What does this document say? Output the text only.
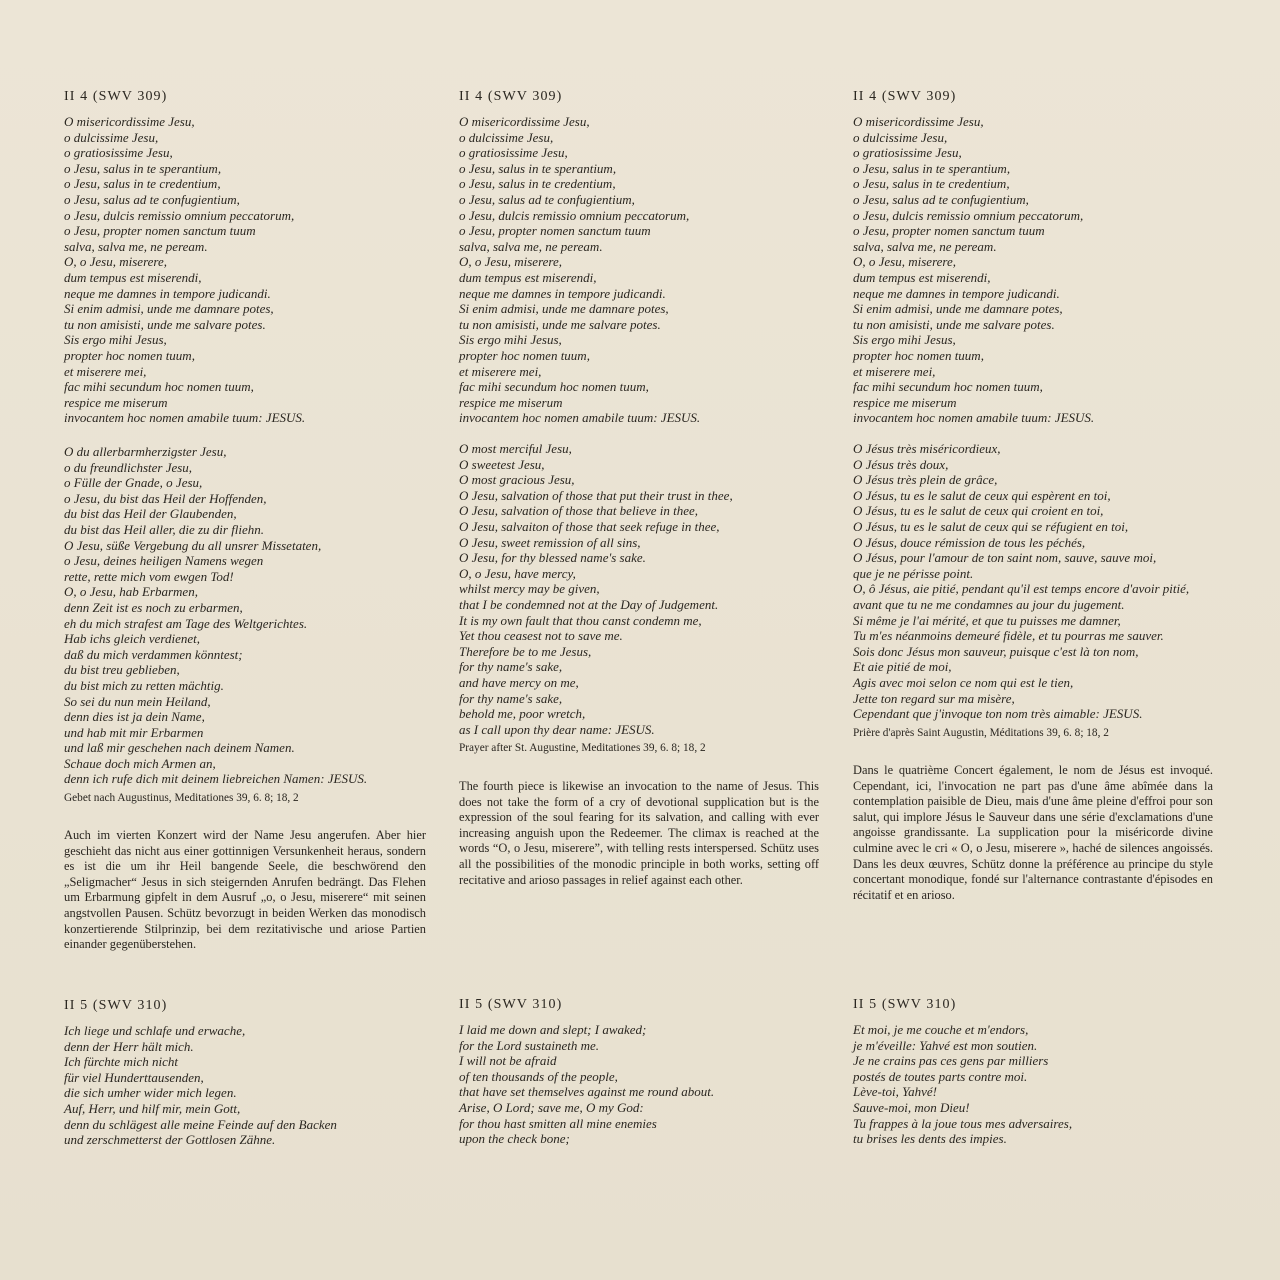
II 4 (SWV 309)
O misericordissime Jesu,
o dulcissime Jesu,
o gratiosissime Jesu,
o Jesu, salus in te sperantium,
o Jesu, salus in te credentium,
o Jesu, salus ad te confugientium,
o Jesu, dulcis remissio omnium peccatorum,
o Jesu, propter nomen sanctum tuum
salva, salva me, ne peream.
O, o Jesu, miserere,
dum tempus est miserendi,
neque me damnes in tempore judicandi.
Si enim admisi, unde me damnare potes,
tu non amisisti, unde me salvare potes.
Sis ergo mihi Jesus,
propter hoc nomen tuum,
et miserere mei,
fac mihi secundum hoc nomen tuum,
respice me miserum
invocantem hoc nomen amabile tuum: JESUS.
O du allerbarmherzigster Jesu,
o du freundlichster Jesu,
o Fülle der Gnade, o Jesu,
o Jesu, du bist das Heil der Hoffenden,
du bist das Heil der Glaubenden,
du bist das Heil aller, die zu dir fliehn.
O Jesu, süße Vergebung du all unsrer Missetaten,
o Jesu, deines heiligen Namens wegen
rette, rette mich vom ewgen Tod!
O, o Jesu, hab Erbarmen,
denn Zeit ist es noch zu erbarmen,
eh du mich strafest am Tage des Weltgerichtes.
Hab ichs gleich verdienet,
daß du mich verdammen könntest;
du bist treu geblieben,
du bist mich zu retten mächtig.
So sei du nun mein Heiland,
denn dies ist ja dein Name,
und hab mit mir Erbarmen
und laß mir geschehen nach deinem Namen.
Schaue doch mich Armen an,
denn ich rufe dich mit deinem liebreichen Namen: JESUS.
Gebet nach Augustinus, Meditationes 39, 6. 8; 18, 2

Auch im vierten Konzert wird der Name Jesu angerufen. Aber hier geschieht das nicht aus einer gottinnigen Versunkenheit heraus, sondern es ist die um ihr Heil bangende Seele, die beschwörend den „Seligmacher“ Jesus in sich steigernden Anrufen bedrängt. Das Flehen um Erbarmung gipfelt in dem Ausruf „o, o Jesu, miserere“ mit seinen angstvollen Pausen. Schütz bevorzugt in beiden Werken das monodisch konzertierende Stilprinzip, bei dem rezitativische und ariose Partien einander gegenüberstehen.

II 5 (SWV 310)
Ich liege und schlafe und erwache,
denn der Herr hält mich.
Ich fürchte mich nicht
für viel Hunderttausenden,
die sich umher wider mich legen.
Auf, Herr, und hilf mir, mein Gott,
denn du schlägest alle meine Feinde auf den Backen
und zerschmetterst der Gottlosen Zähne.
II 4 (SWV 309)
O misericordissime Jesu,
o dulcissime Jesu,
o gratiosissime Jesu,
o Jesu, salus in te sperantium,
o Jesu, salus in te credentium,
o Jesu, salus ad te confugientium,
o Jesu, dulcis remissio omnium peccatorum,
o Jesu, propter nomen sanctum tuum
salva, salva me, ne peream.
O, o Jesu, miserere,
dum tempus est miserendi,
neque me damnes in tempore judicandi.
Si enim admisi, unde me damnare potes,
tu non amisisti, unde me salvare potes.
Sis ergo mihi Jesus,
propter hoc nomen tuum,
et miserere mei,
fac mihi secundum hoc nomen tuum,
respice me miserum
invocantem hoc nomen amabile tuum: JESUS.
O most merciful Jesu,
O sweetest Jesu,
O most gracious Jesu,
O Jesu, salvation of those that put their trust in thee,
O Jesu, salvation of those that believe in thee,
O Jesu, salvaiton of those that seek refuge in thee,
O Jesu, sweet remission of all sins,
O Jesu, for thy blessed name's sake.
O, o Jesu, have mercy,
whilst mercy may be given,
that I be condemned not at the Day of Judgement.
It is my own fault that thou canst condemn me,
Yet thou ceasest not to save me.
Therefore be to me Jesus,
for thy name's sake,
and have mercy on me,
for thy name's sake,
behold me, poor wretch,
as I call upon thy dear name: JESUS.
Prayer after St. Augustine, Meditationes 39, 6. 8; 18, 2

The fourth piece is likewise an invocation to the name of Jesus. This does not take the form of a cry of devotional supplication but is the expression of the soul fearing for its salvation, and calling with ever increasing anguish upon the Redeemer. The climax is reached at the words “O, o Jesu, miserere”, with telling rests interspersed. Schütz uses all the possibilities of the monodic principle in both works, setting off recitative and arioso passages in relief against each other.

II 5 (SWV 310)
I laid me down and slept; I awaked;
for the Lord sustaineth me.
I will not be afraid
of ten thousands of the people,
that have set themselves against me round about.
Arise, O Lord; save me, O my God:
for thou hast smitten all mine enemies
upon the check bone;
II 4 (SWV 309)
O misericordissime Jesu,
o dulcissime Jesu,
o gratiosissime Jesu,
o Jesu, salus in te sperantium,
o Jesu, salus in te credentium,
o Jesu, salus ad te confugientium,
o Jesu, dulcis remissio omnium peccatorum,
o Jesu, propter nomen sanctum tuum
salva, salva me, ne peream.
O, o Jesu, miserere,
dum tempus est miserendi,
neque me damnes in tempore judicandi.
Si enim admisi, unde me damnare potes,
tu non amisisti, unde me salvare potes.
Sis ergo mihi Jesus,
propter hoc nomen tuum,
et miserere mei,
fac mihi secundum hoc nomen tuum,
respice me miserum
invocantem hoc nomen amabile tuum: JESUS.
O Jésus très miséricordieux,
O Jésus très doux,
O Jésus très plein de grâce,
O Jésus, tu es le salut de ceux qui espèrent en toi,
O Jésus, tu es le salut de ceux qui croient en toi,
O Jésus, tu es le salut de ceux qui se réfugient en toi,
O Jésus, douce rémission de tous les péchés,
O Jésus, pour l'amour de ton saint nom, sauve, sauve moi,
que je ne périsse point.
O, ô Jésus, aie pitié, pendant qu'il est temps encore d'avoir pitié,
avant que tu ne me condamnes au jour du jugement.
Si même je l'ai mérité, et que tu puisses me damner,
Tu m'es néanmoins demeuré fidèle, et tu pourras me sauver.
Sois donc Jésus mon sauveur, puisque c'est là ton nom,
Et aie pitié de moi,
Agis avec moi selon ce nom qui est le tien,
Jette ton regard sur ma misère,
Cependant que j'invoque ton nom très aimable: JESUS.
Prière d'après Saint Augustin, Méditations 39, 6. 8; 18, 2

Dans le quatrième Concert également, le nom de Jésus est invoqué. Cependant, ici, l'invocation ne part pas d'une âme abîmée dans la contemplation paisible de Dieu, mais d'une âme pleine d'effroi pour son salut, qui implore Jésus le Sauveur dans une série d'exclamations d'une angoisse grandissante. La supplication pour la miséricorde divine culmine avec le cri « O, o Jesu, miserere », haché de silences angoissés. Dans les deux œuvres, Schütz donne la préférence au principe du style concertant monodique, fondé sur l'alternance contrastante d'épisodes en récitatif et en arioso.

II 5 (SWV 310)
Et moi, je me couche et m'endors,
je m'éveille: Yahvé est mon soutien.
Je ne crains pas ces gens par milliers
postés de toutes parts contre moi.
Lève-toi, Yahvé!
Sauve-moi, mon Dieu!
Tu frappes à la joue tous mes adversaires,
tu brises les dents des impies.
